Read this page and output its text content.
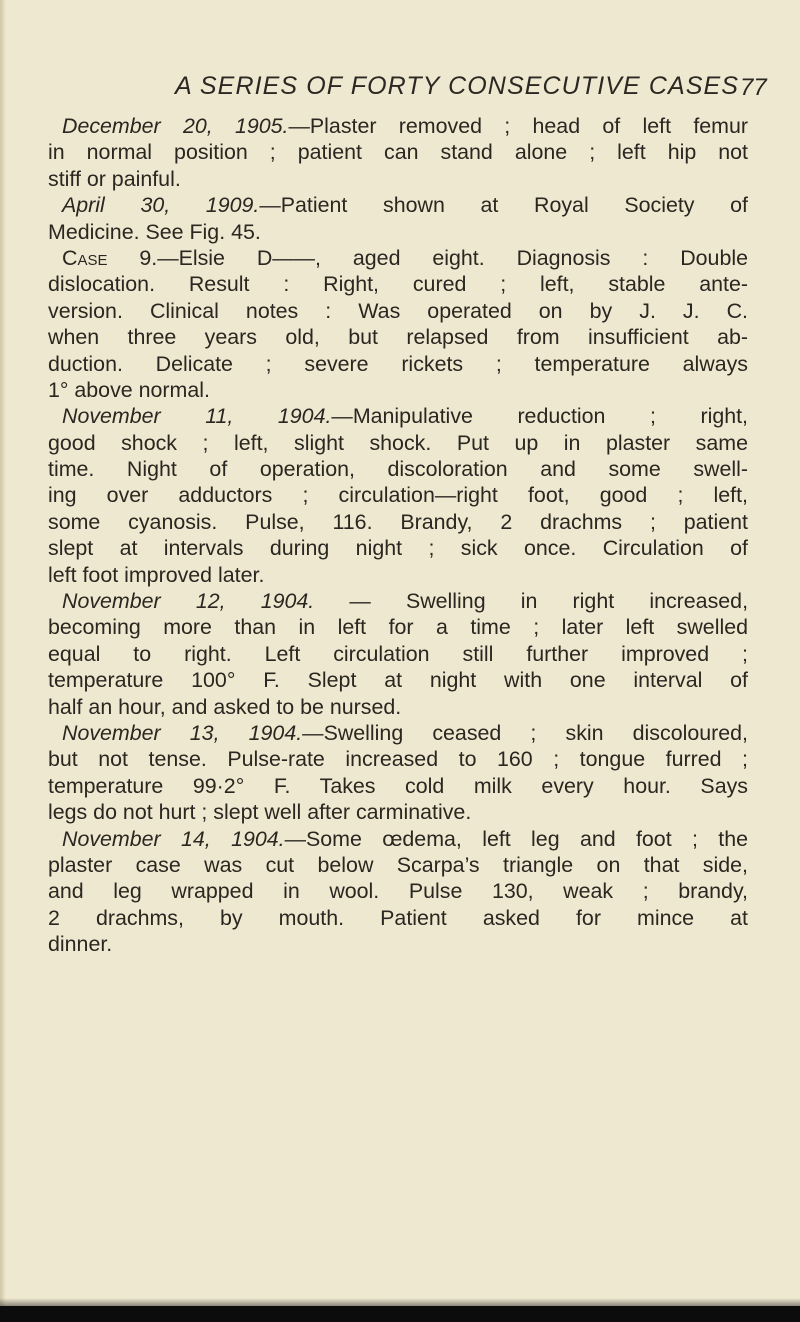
A SERIES OF FORTY CONSECUTIVE CASES 77
December 20, 1905.—Plaster removed ; head of left femur
in normal position ; patient can stand alone ; left hip not
stiff or painful.
April 30, 1909.—Patient shown at Royal Society of
Medicine. See Fig. 45.
Case 9.—Elsie D——, aged eight. Diagnosis : Double
dislocation. Result : Right, cured ; left, stable ante-
version. Clinical notes : Was operated on by J. J. C.
when three years old, but relapsed from insufficient ab-
duction. Delicate ; severe rickets ; temperature always
1° above normal.
November 11, 1904.—Manipulative reduction ; right,
good shock ; left, slight shock. Put up in plaster same
time. Night of operation, discoloration and some swell-
ing over adductors ; circulation—right foot, good ; left,
some cyanosis. Pulse, 116. Brandy, 2 drachms ; patient
slept at intervals during night ; sick once. Circulation of
left foot improved later.
November 12, 1904. — Swelling in right increased,
becoming more than in left for a time ; later left swelled
equal to right. Left circulation still further improved ;
temperature 100° F. Slept at night with one interval of
half an hour, and asked to be nursed.
November 13, 1904.—Swelling ceased ; skin discoloured,
but not tense. Pulse-rate increased to 160 ; tongue furred ;
temperature 99·2° F. Takes cold milk every hour. Says
legs do not hurt ; slept well after carminative.
November 14, 1904.—Some œdema, left leg and foot ; the
plaster case was cut below Scarpa’s triangle on that side,
and leg wrapped in wool. Pulse 130, weak ; brandy,
2 drachms, by mouth. Patient asked for mince at
dinner.
